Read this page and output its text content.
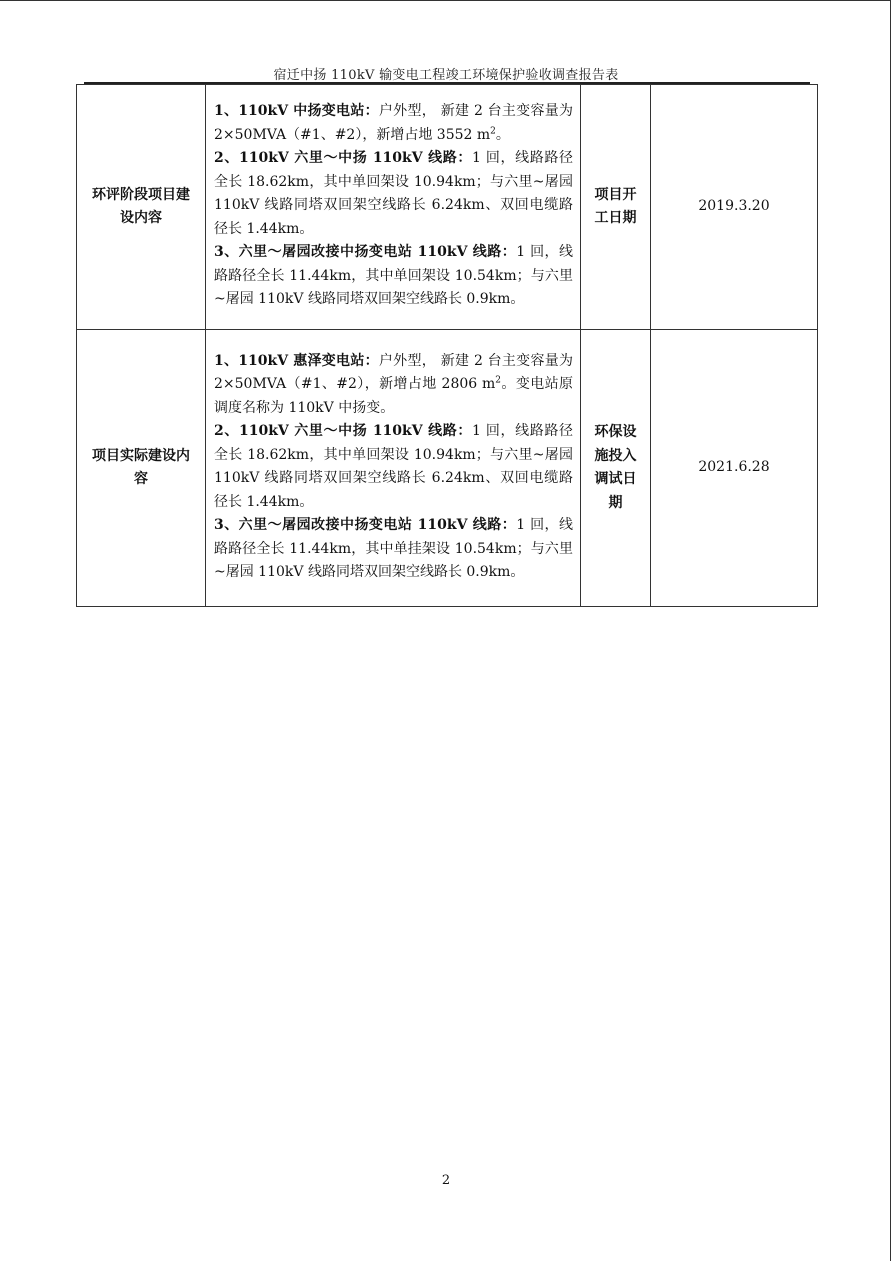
宿迁中扬 110kV 输变电工程竣工环境保护验收调查报告表
环评阶段项目建设内容	1、110kV 中扬变电站：户外型， 新建 2 台主变容量为 2×50MVA（#1、#2），新增占地 3552 $m^2$。

2、110kV 六里～中扬 110kV 线路：1 回，线路路径全长 18.62km，其中单回架设 10.94km；与六里~屠园 110kV 线路同塔双回架空线路长 6.24km、双回电缆路径长 1.44km。

3、六里～屠园改接中扬变电站 110kV 线路：1 回，线路路径全长 11.44km，其中单回架设 10.54km；与六里~屠园 110kV 线路同塔双回架空线路长 0.9km。	项目开工日期	2019.3.20
项目实际建设内容	1、110kV 惠泽变电站：户外型， 新建 2 台主变容量为 2×50MVA（#1、#2），新增占地 2806 $m^2$。变电站原调度名称为 110kV 中扬变。

2、110kV 六里～中扬 110kV 线路：1 回，线路路径全长 18.62km，其中单回架设 10.94km；与六里~屠园 110kV 线路同塔双回架空线路长 6.24km、双回电缆路径长 1.44km。

3、六里～屠园改接中扬变电站 110kV 线路：1 回，线路路径全长 11.44km，其中单挂架设 10.54km；与六里~屠园 110kV 线路同塔双回架空线路长 0.9km。	环保设施投入调试日期	2021.6.28
2
